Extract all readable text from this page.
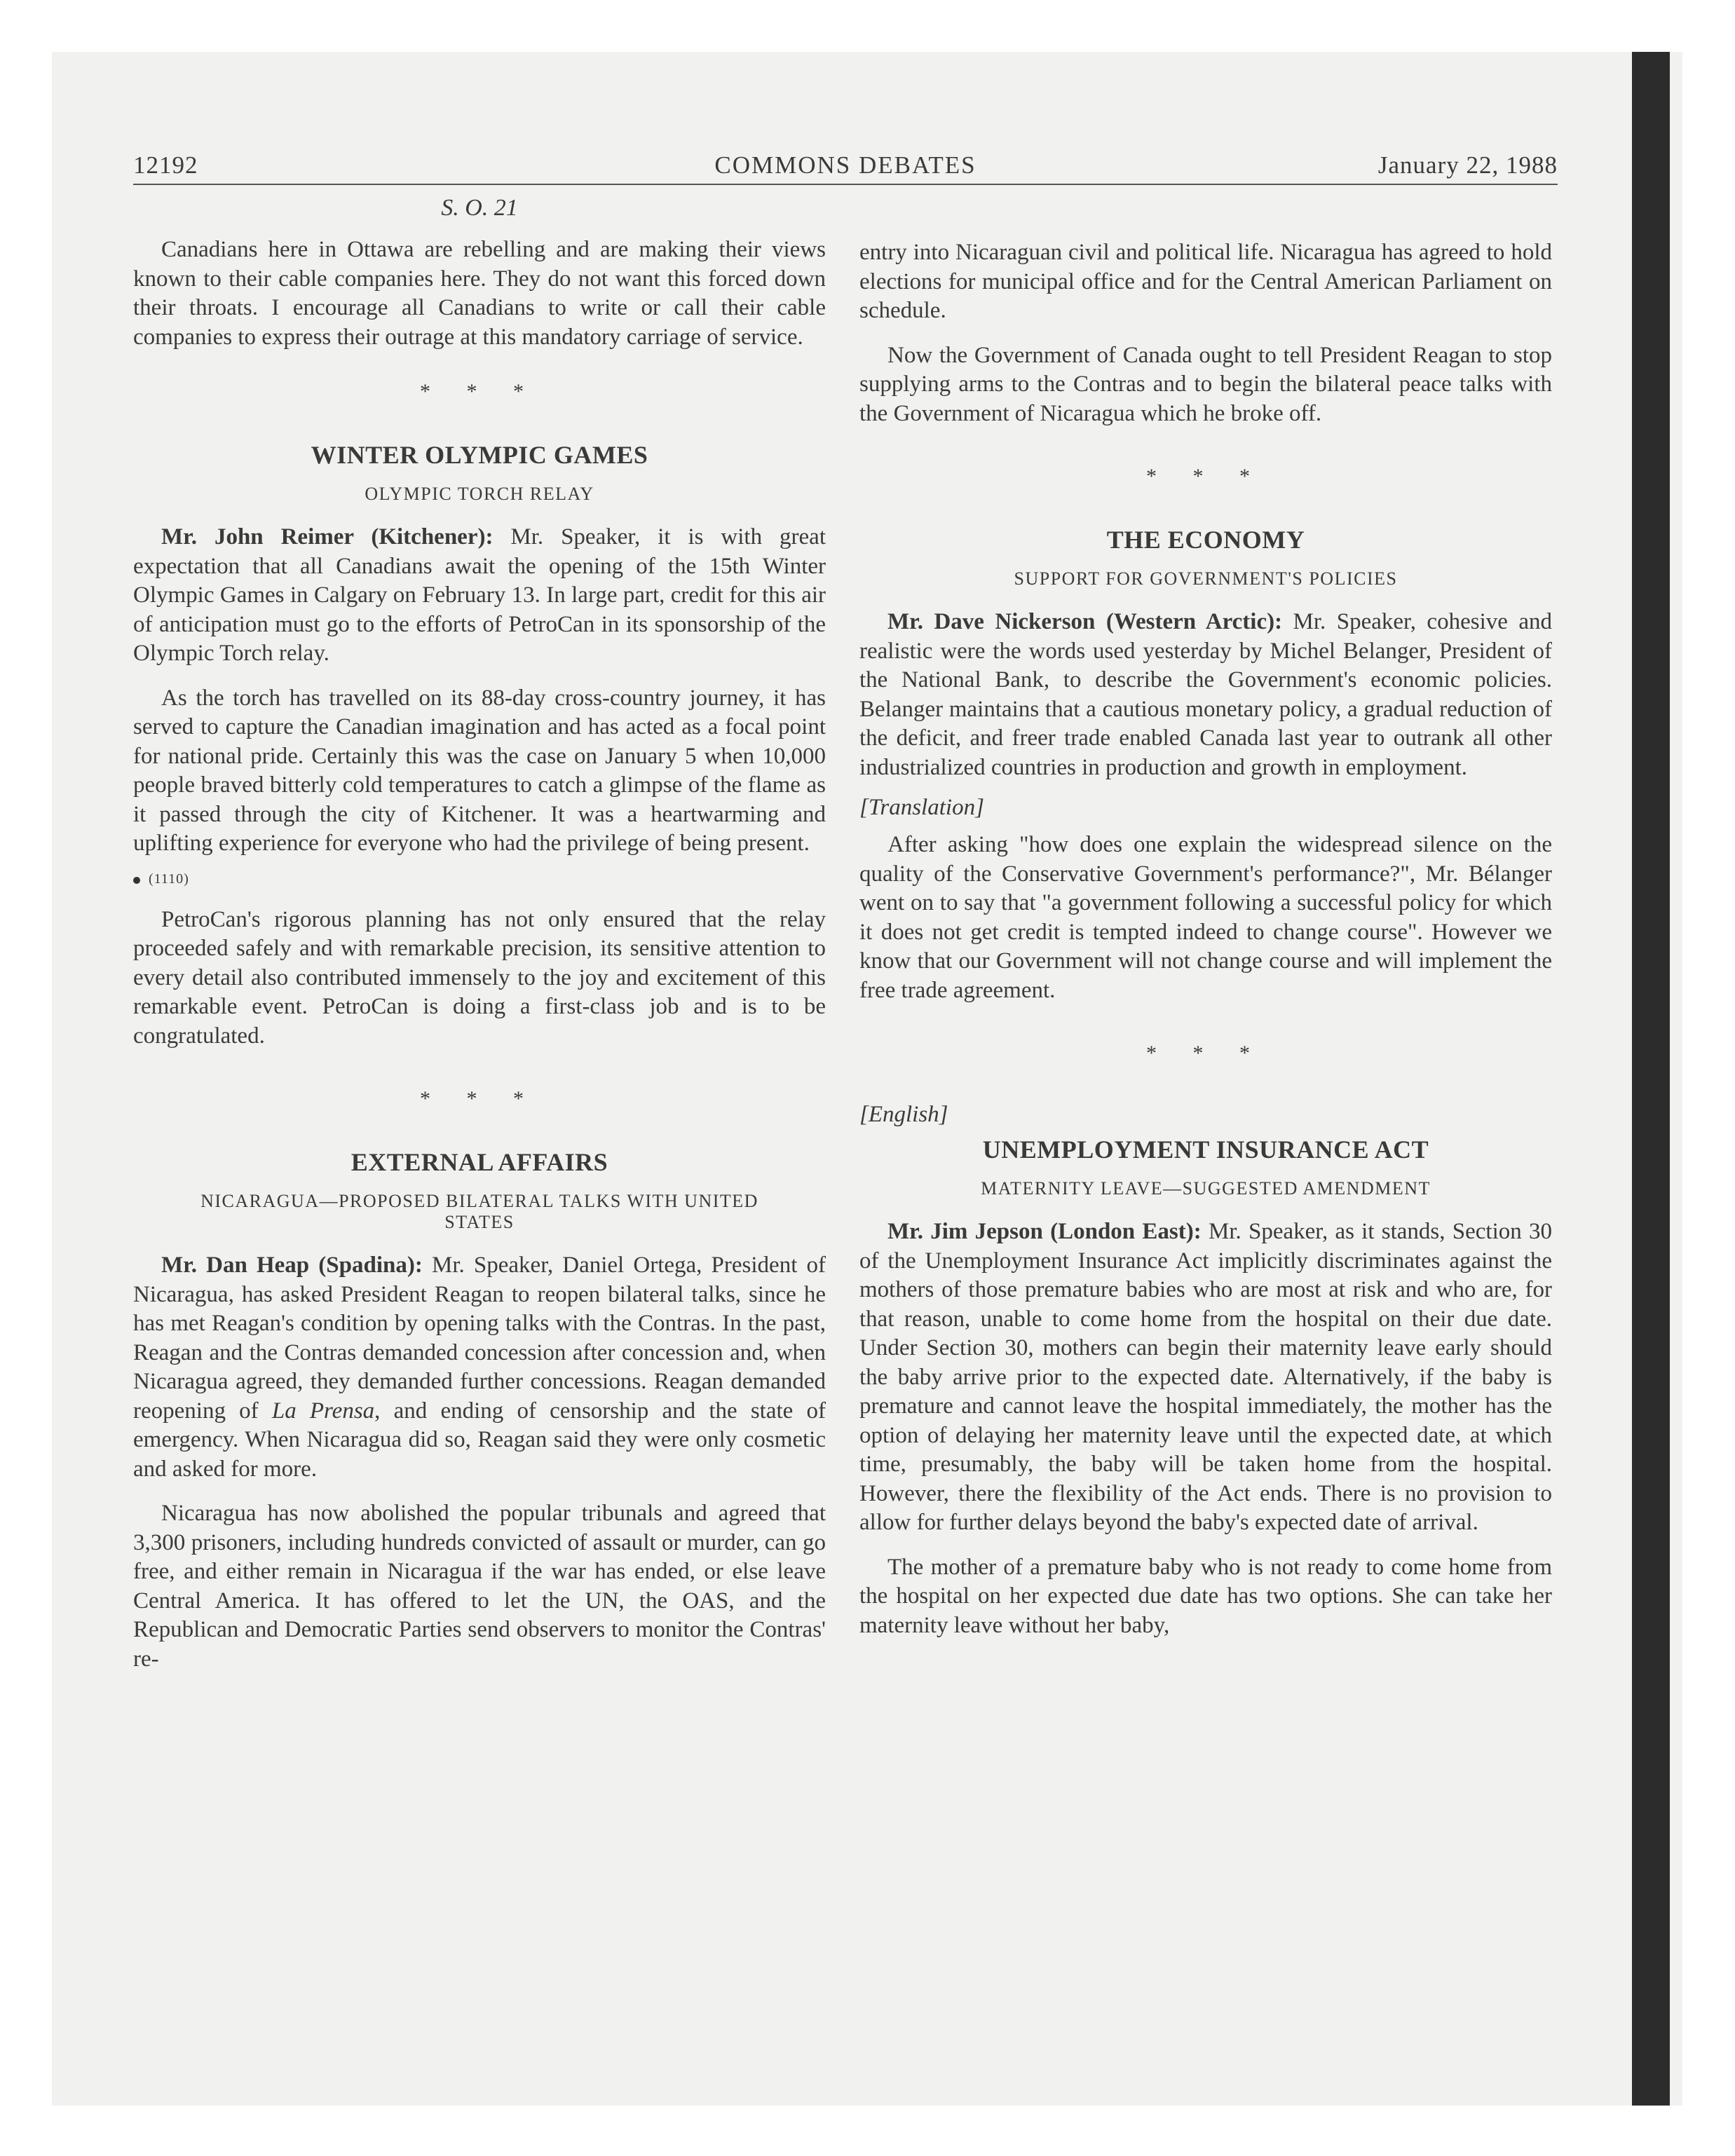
12192	COMMONS DEBATES	January 22, 1988
S. O. 21

Canadians here in Ottawa are rebelling and are making their views known to their cable companies here. They do not want this forced down their throats. I encourage all Canadians to write or call their cable companies to express their outrage at this mandatory carriage of service.

* * *
WINTER OLYMPIC GAMES
OLYMPIC TORCH RELAY

Mr. John Reimer (Kitchener): Mr. Speaker, it is with great expectation that all Canadians await the opening of the 15th Winter Olympic Games in Calgary on February 13. In large part, credit for this air of anticipation must go to the efforts of PetroCan in its sponsorship of the Olympic Torch relay.

As the torch has travelled on its 88-day cross-country journey, it has served to capture the Canadian imagination and has acted as a focal point for national pride. Certainly this was the case on January 5 when 10,000 people braved bitterly cold temperatures to catch a glimpse of the flame as it passed through the city of Kitchener. It was a heartwarming and uplifting experience for everyone who had the privilege of being present.

(1110)

PetroCan's rigorous planning has not only ensured that the relay proceeded safely and with remarkable precision, its sensitive attention to every detail also contributed immensely to the joy and excitement of this remarkable event. PetroCan is doing a first-class job and is to be congratulated.

* * *
EXTERNAL AFFAIRS
NICARAGUA—PROPOSED BILATERAL TALKS WITH UNITED STATES

Mr. Dan Heap (Spadina): Mr. Speaker, Daniel Ortega, President of Nicaragua, has asked President Reagan to reopen bilateral talks, since he has met Reagan's condition by opening talks with the Contras. In the past, Reagan and the Contras demanded concession after concession and, when Nicaragua agreed, they demanded further concessions. Reagan demanded reopening of La Prensa, and ending of censorship and the state of emergency. When Nicaragua did so, Reagan said they were only cosmetic and asked for more.

Nicaragua has now abolished the popular tribunals and agreed that 3,300 prisoners, including hundreds convicted of assault or murder, can go free, and either remain in Nicaragua if the war has ended, or else leave Central America. It has offered to let the UN, the OAS, and the Republican and Democratic Parties send observers to monitor the Contras' re-

entry into Nicaraguan civil and political life. Nicaragua has agreed to hold elections for municipal office and for the Central American Parliament on schedule.

Now the Government of Canada ought to tell President Reagan to stop supplying arms to the Contras and to begin the bilateral peace talks with the Government of Nicaragua which he broke off.

* * *
THE ECONOMY
SUPPORT FOR GOVERNMENT'S POLICIES

Mr. Dave Nickerson (Western Arctic): Mr. Speaker, cohesive and realistic were the words used yesterday by Michel Belanger, President of the National Bank, to describe the Government's economic policies. Belanger maintains that a cautious monetary policy, a gradual reduction of the deficit, and freer trade enabled Canada last year to outrank all other industrialized countries in production and growth in employment.

[Translation]

After asking "how does one explain the widespread silence on the quality of the Conservative Government's performance?", Mr. Bélanger went on to say that "a government following a successful policy for which it does not get credit is tempted indeed to change course". However we know that our Government will not change course and will implement the free trade agreement.

* * *
[English]
UNEMPLOYMENT INSURANCE ACT
MATERNITY LEAVE—SUGGESTED AMENDMENT

Mr. Jim Jepson (London East): Mr. Speaker, as it stands, Section 30 of the Unemployment Insurance Act implicitly discriminates against the mothers of those premature babies who are most at risk and who are, for that reason, unable to come home from the hospital on their due date. Under Section 30, mothers can begin their maternity leave early should the baby arrive prior to the expected date. Alternatively, if the baby is premature and cannot leave the hospital immediately, the mother has the option of delaying her maternity leave until the expected date, at which time, presumably, the baby will be taken home from the hospital. However, there the flexibility of the Act ends. There is no provision to allow for further delays beyond the baby's expected date of arrival.

The mother of a premature baby who is not ready to come home from the hospital on her expected due date has two options. She can take her maternity leave without her baby,
